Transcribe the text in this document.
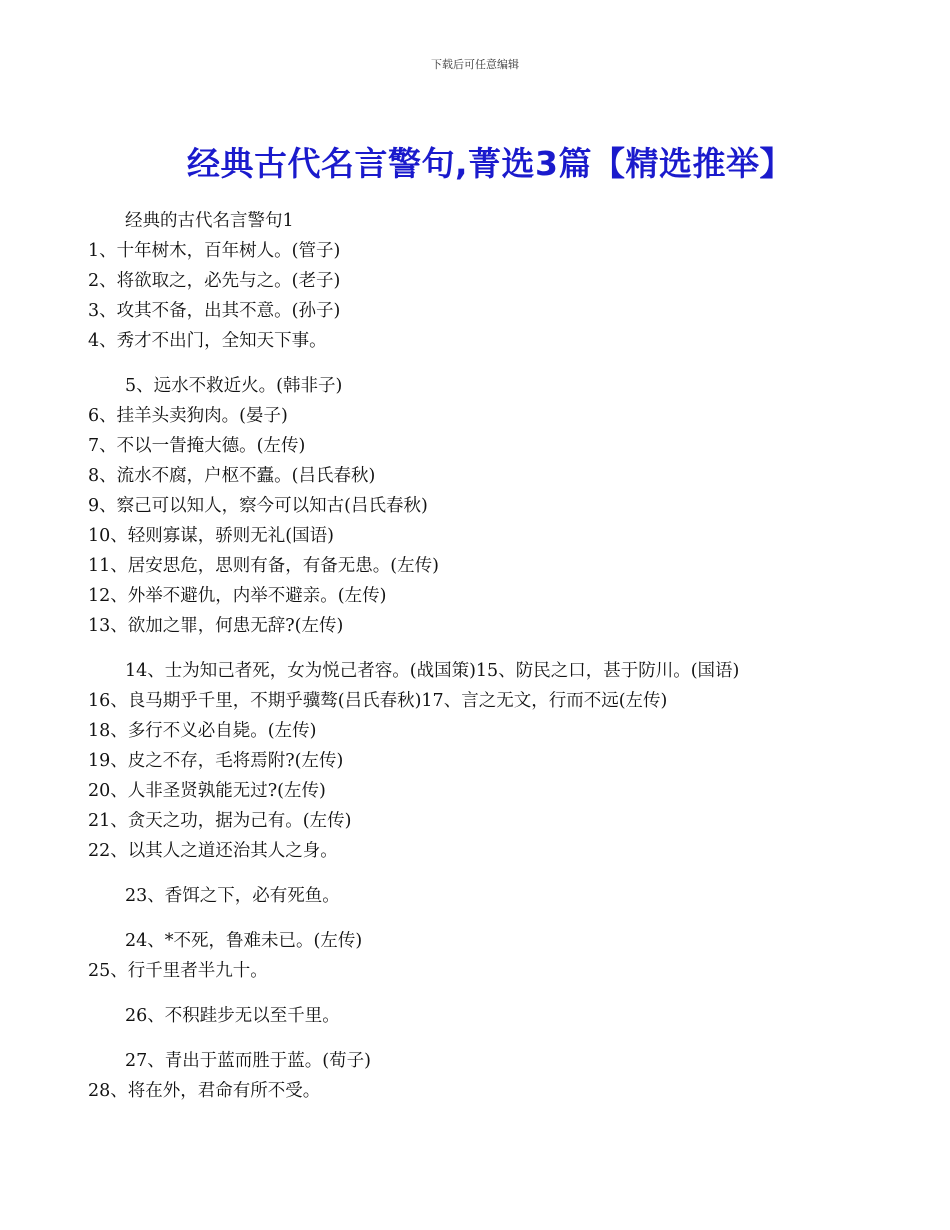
下载后可任意编辑
经典古代名言警句,菁选3篇【精选推举】
经典的古代名言警句1
1、十年树木，百年树人。(管子)
2、将欲取之，必先与之。(老子)
3、攻其不备，出其不意。(孙子)
4、秀才不出门，全知天下事。
5、远水不救近火。(韩非子)
6、挂羊头卖狗肉。(晏子)
7、不以一眚掩大德。(左传)
8、流水不腐，户枢不蠹。(吕氏春秋)
9、察己可以知人，察今可以知古(吕氏春秋)
10、轻则寡谋，骄则无礼(国语)
11、居安思危，思则有备，有备无患。(左传)
12、外举不避仇，内举不避亲。(左传)
13、欲加之罪，何患无辞?(左传)
14、士为知己者死，女为悦己者容。(战国策)15、防民之口，甚于防川。(国语)
16、良马期乎千里，不期乎骥骜(吕氏春秋)17、言之无文，行而不远(左传)
18、多行不义必自毙。(左传)
19、皮之不存，毛将焉附?(左传)
20、人非圣贤孰能无过?(左传)
21、贪天之功，据为己有。(左传)
22、以其人之道还治其人之身。
23、香饵之下，必有死鱼。
24、*不死，鲁难未已。(左传)
25、行千里者半九十。
26、不积跬步无以至千里。
27、青出于蓝而胜于蓝。(荀子)
28、将在外，君命有所不受。
